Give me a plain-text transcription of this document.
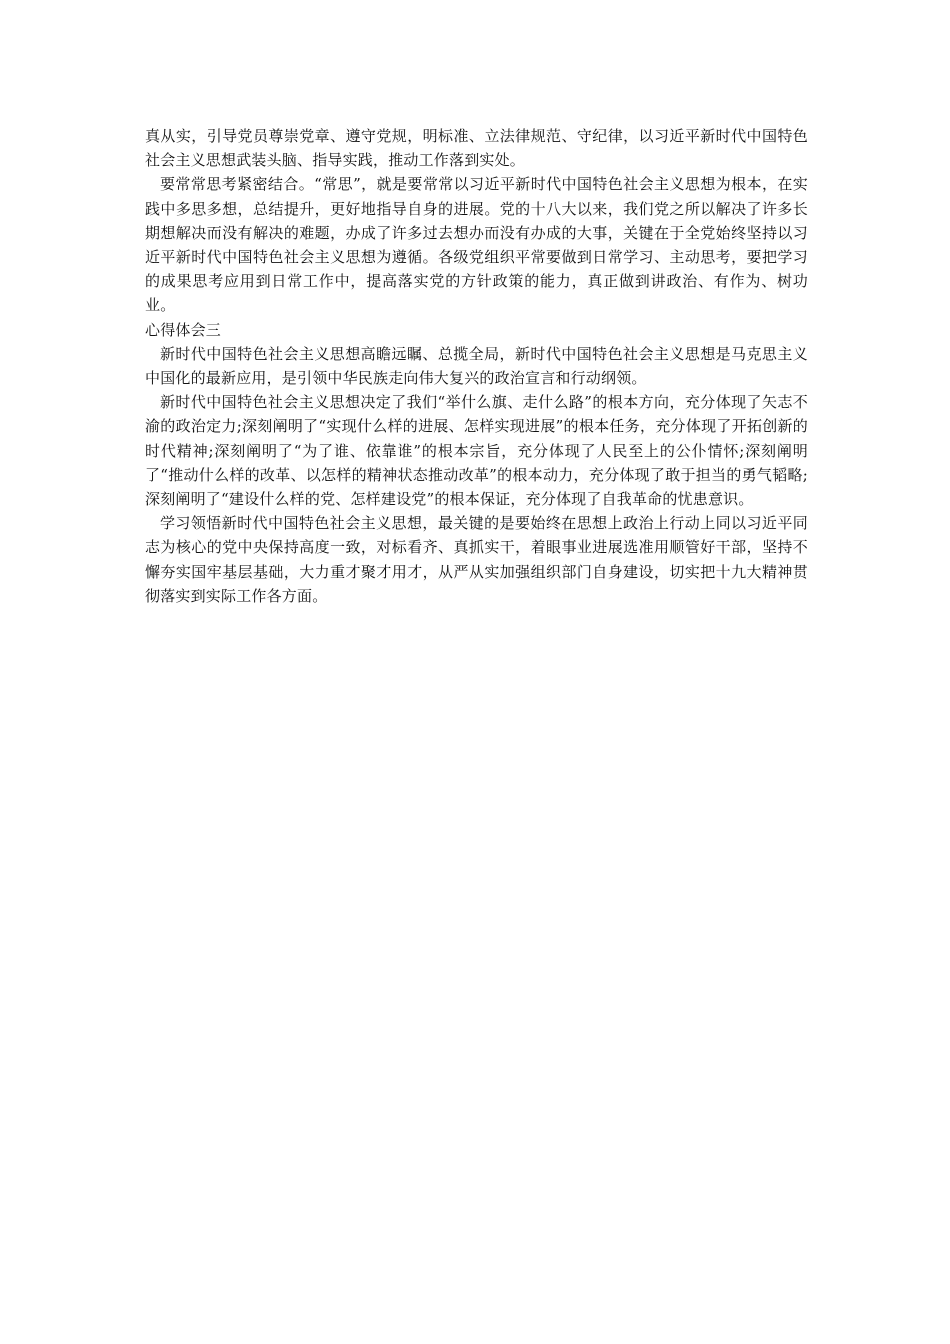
真从实，引导党员尊崇党章、遵守党规，明标准、立法律规范、守纪律，以习近平新时代中国特色社会主义思想武装头脑、指导实践，推动工作落到实处。

要常常思考紧密结合。“常思”，就是要常常以习近平新时代中国特色社会主义思想为根本，在实践中多思多想，总结提升，更好地指导自身的进展。党的十八大以来，我们党之所以解决了许多长期想解决而没有解决的难题，办成了许多过去想办而没有办成的大事，关键在于全党始终坚持以习近平新时代中国特色社会主义思想为遵循。各级党组织平常要做到日常学习、主动思考，要把学习的成果思考应用到日常工作中，提高落实党的方针政策的能力，真正做到讲政治、有作为、树功业。

心得体会三

新时代中国特色社会主义思想高瞻远瞩、总揽全局，新时代中国特色社会主义思想是马克思主义中国化的最新应用，是引领中华民族走向伟大复兴的政治宣言和行动纲领。

新时代中国特色社会主义思想决定了我们“举什么旗、走什么路”的根本方向，充分体现了矢志不渝的政治定力;深刻阐明了“实现什么样的进展、怎样实现进展”的根本任务，充分体现了开拓创新的时代精神;深刻阐明了“为了谁、依靠谁”的根本宗旨，充分体现了人民至上的公仆情怀;深刻阐明了“推动什么样的改革、以怎样的精神状态推动改革”的根本动力，充分体现了敢于担当的勇气韬略;深刻阐明了“建设什么样的党、怎样建设党”的根本保证，充分体现了自我革命的忧患意识。

学习领悟新时代中国特色社会主义思想，最关键的是要始终在思想上政治上行动上同以习近平同志为核心的党中央保持高度一致，对标看齐、真抓实干，着眼事业进展选准用顺管好干部，坚持不懈夯实国牢基层基础，大力重才聚才用才，从严从实加强组织部门自身建设，切实把十九大精神贯彻落实到实际工作各方面。
